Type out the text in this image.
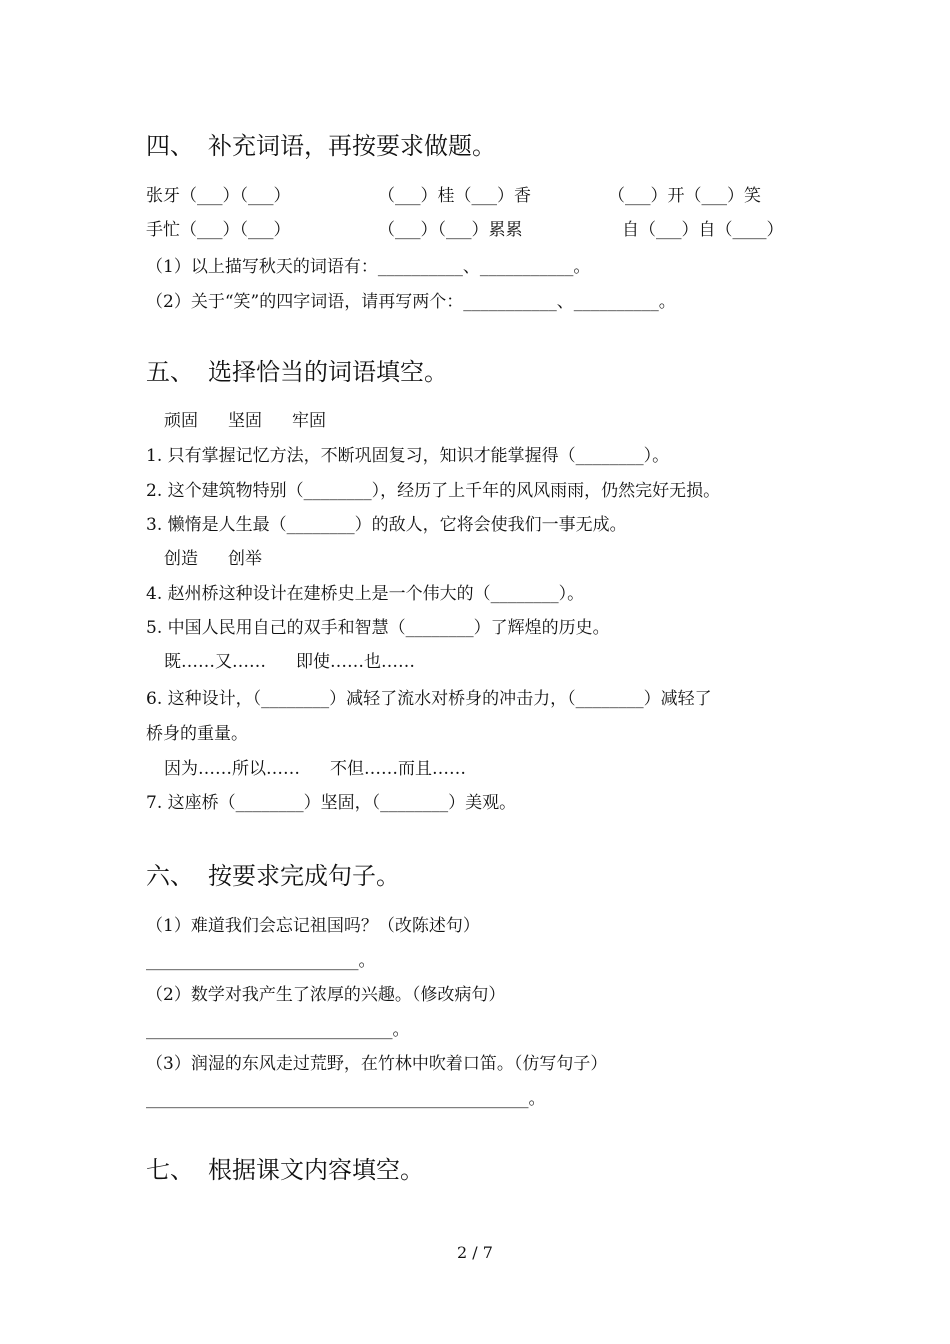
四、 补充词语，再按要求做题。
张牙（___）（___）	（___）桂（___）香	（___）开（___）笑
手忙（___）（___）	（___）（___）累累	自（___）自（____）
（1）以上描写秋天的词语有：__________、___________。
（2）关于“笑”的四字词语，请再写两个：___________、__________。
五、 选择恰当的词语填空。
顽固 坚固 牢固
1. 只有掌握记忆方法，不断巩固复习，知识才能掌握得（________）。
2. 这个建筑物特别（________），经历了上千年的风风雨雨，仍然完好无损。
3. 懒惰是人生最（________）的敌人，它将会使我们一事无成。
创造 创举
4. 赵州桥这种设计在建桥史上是一个伟大的（________）。
5. 中国人民用自己的双手和智慧（________）了辉煌的历史。
既……又…… 即使……也……
6. 这种设计，（________）减轻了流水对桥身的冲击力，（________）减轻了
桥身的重量。
因为……所以…… 不但……而且……
7. 这座桥（________）坚固，（________）美观。
六、 按要求完成句子。
（1）难道我们会忘记祖国吗？（改陈述句）
_________________________。
（2）数学对我产生了浓厚的兴趣。（修改病句）
_____________________________。
（3）润湿的东风走过荒野，在竹林中吹着口笛。（仿写句子）
_____________________________________________。
七、 根据课文内容填空。
2 / 7
